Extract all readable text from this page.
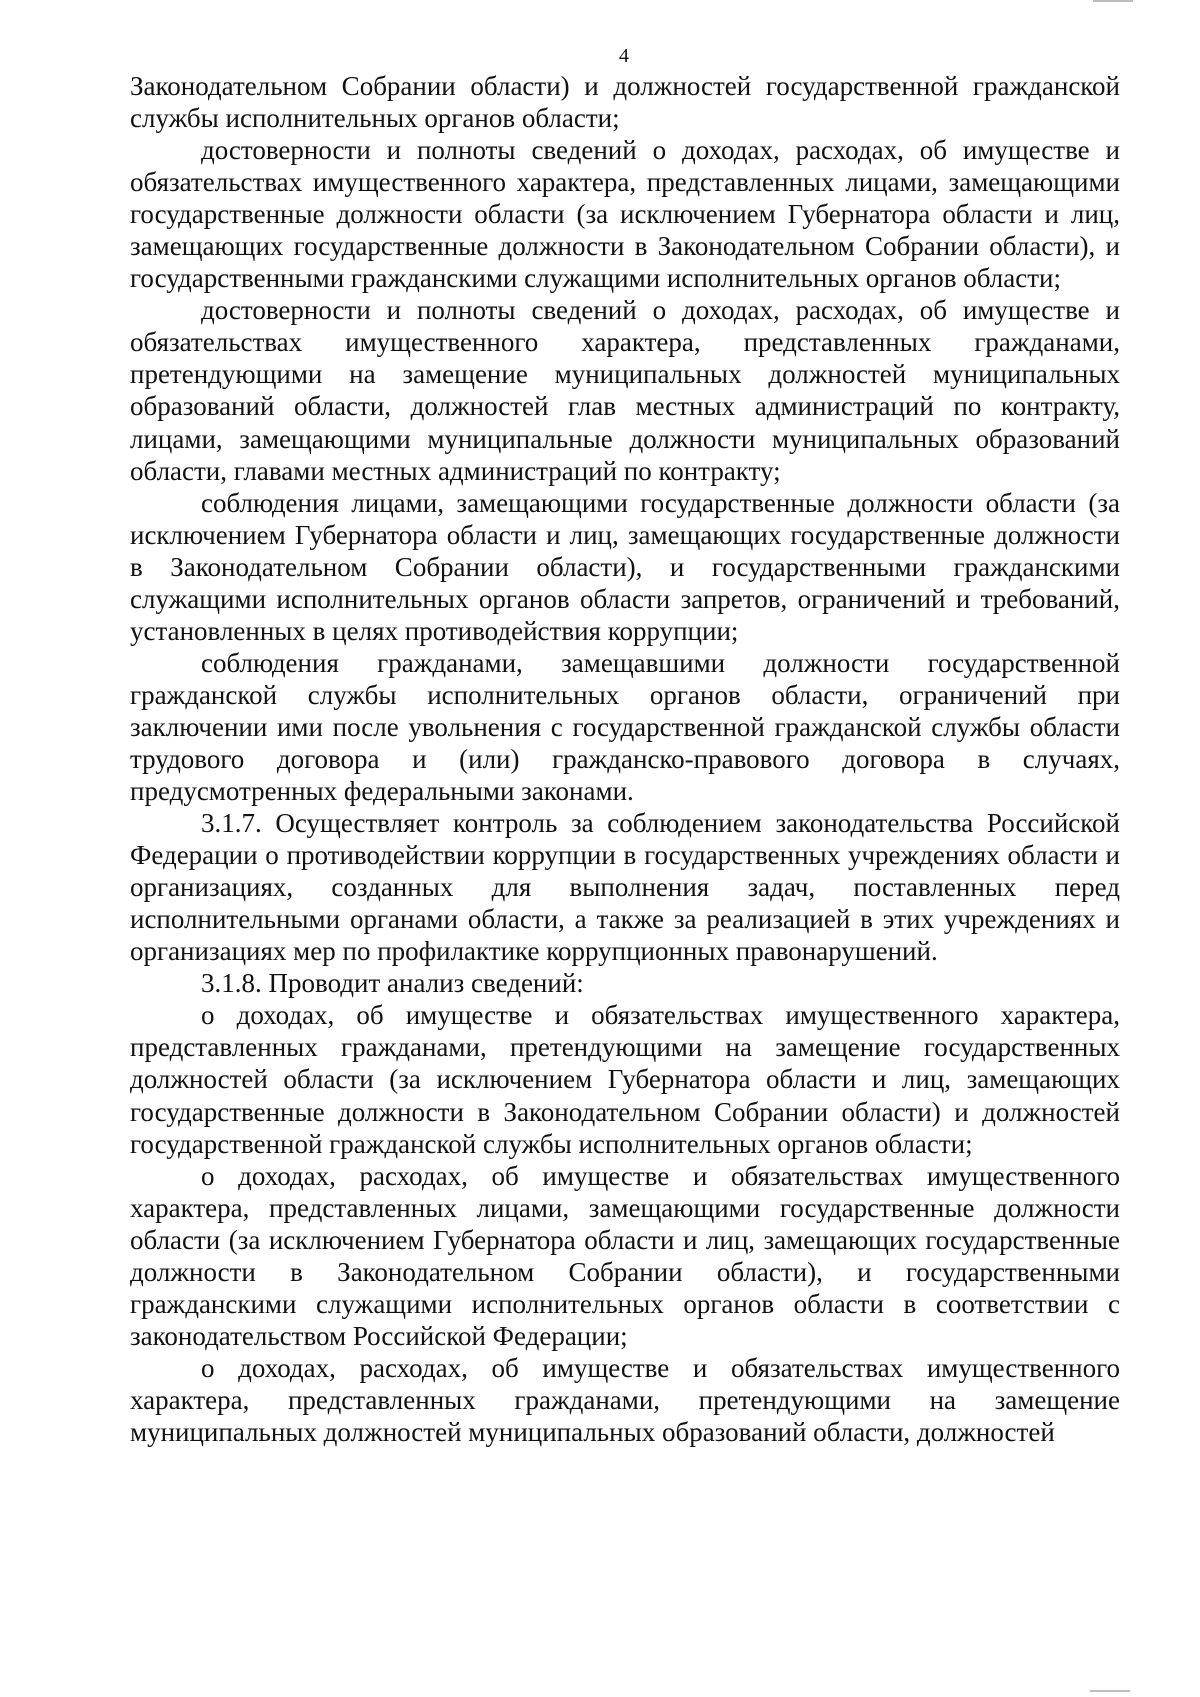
4

Законодательном Собрании области) и должностей государственной гражданской службы исполнительных органов области;

достоверности и полноты сведений о доходах, расходах, об имуществе и обязательствах имущественного характера, представленных лицами, замещающими государственные должности области (за исключением Губернатора области и лиц, замещающих государственные должности в Законодательном Собрании области), и государственными гражданскими служащими исполнительных органов области;

достоверности и полноты сведений о доходах, расходах, об имуществе и обязательствах имущественного характера, представленных гражданами, претендующими на замещение муниципальных должностей муниципальных образований области, должностей глав местных администраций по контракту, лицами, замещающими муниципальные должности муниципальных образований области, главами местных администраций по контракту;

соблюдения лицами, замещающими государственные должности области (за исключением Губернатора области и лиц, замещающих государственные должности в Законодательном Собрании области), и государственными гражданскими служащими исполнительных органов области запретов, ограничений и требований, установленных в целях противодействия коррупции;

соблюдения гражданами, замещавшими должности государственной гражданской службы исполнительных органов области, ограничений при заключении ими после увольнения с государственной гражданской службы области трудового договора и (или) гражданско-правового договора в случаях, предусмотренных федеральными законами.

3.1.7. Осуществляет контроль за соблюдением законодательства Российской Федерации о противодействии коррупции в государственных учреждениях области и организациях, созданных для выполнения задач, поставленных перед исполнительными органами области, а также за реализацией в этих учреждениях и организациях мер по профилактике коррупционных правонарушений.

3.1.8. Проводит анализ сведений:

о доходах, об имуществе и обязательствах имущественного характера, представленных гражданами, претендующими на замещение государственных должностей области (за исключением Губернатора области и лиц, замещающих государственные должности в Законодательном Собрании области) и должностей государственной гражданской службы исполнительных органов области;

о доходах, расходах, об имуществе и обязательствах имущественного характера, представленных лицами, замещающими государственные должности области (за исключением Губернатора области и лиц, замещающих государственные должности в Законодательном Собрании области), и государственными гражданскими служащими исполнительных органов области в соответствии с законодательством Российской Федерации;

о доходах, расходах, об имуществе и обязательствах имущественного характера, представленных гражданами, претендующими на замещение муниципальных должностей муниципальных образований области, должностей
